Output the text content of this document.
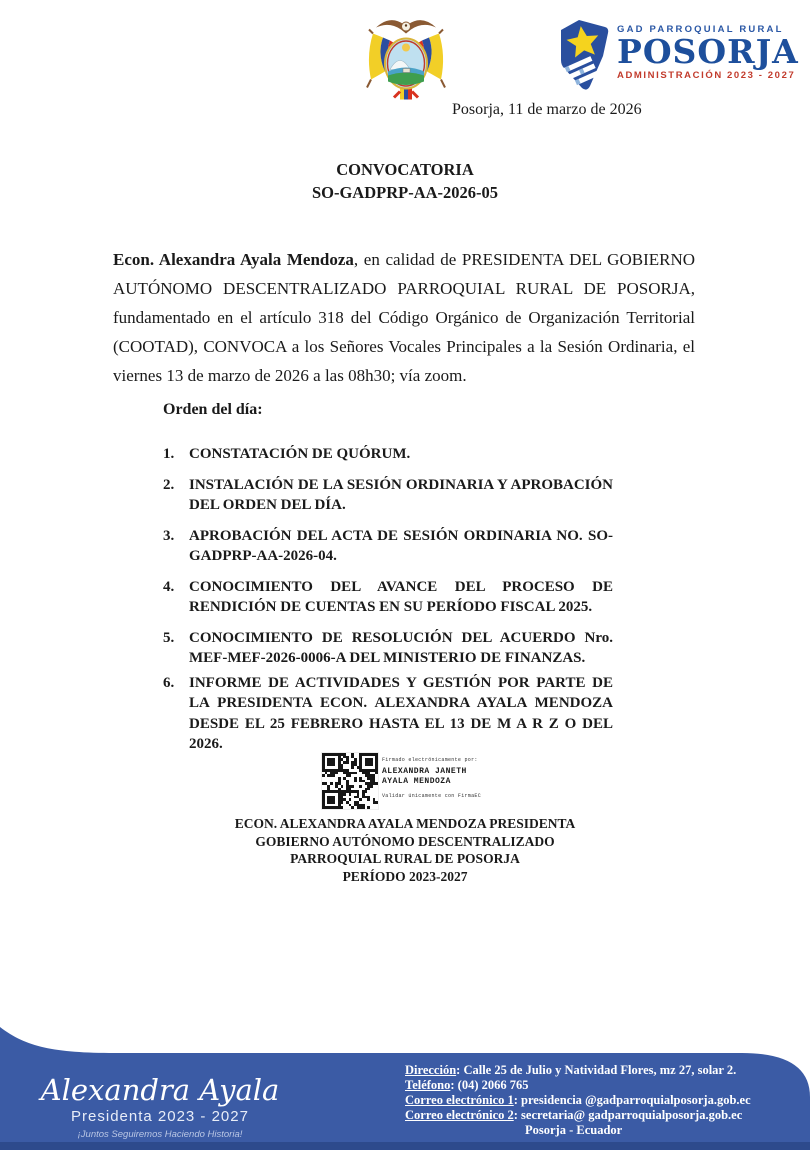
GAD PARROQUIAL RURAL
POSORJA
ADMINISTRACIÓN 2023 - 2027
Posorja, 11 de marzo de 2026
CONVOCATORIA
SO-GADPRP-AA-2026-05

Econ. Alexandra Ayala Mendoza, en calidad de PRESIDENTA DEL GOBIERNO AUTÓNOMO DESCENTRALIZADO PARROQUIAL RURAL DE POSORJA, fundamentado en el artículo 318 del Código Orgánico de Organización Territorial (COOTAD), CONVOCA a los Señores Vocales Principales a la Sesión Ordinaria, el viernes 13 de marzo de 2026 a las 08h30; vía zoom.

Orden del día:
1. CONSTATACIÓN DE QUÓRUM.
2. INSTALACIÓN DE LA SESIÓN ORDINARIA Y APROBACIÓN DEL ORDEN DEL DÍA.
3. APROBACIÓN DEL ACTA DE SESIÓN ORDINARIA NO. SO-GADPRP-AA-2026-04.
4. CONOCIMIENTO DEL AVANCE DEL PROCESO DE RENDICIÓN DE CUENTAS EN SU PERÍODO FISCAL 2025.
5. CONOCIMIENTO DE RESOLUCIÓN DEL ACUERDO Nro. MEF-MEF-2026-0006-A DEL MINISTERIO DE FINANZAS.
6. INFORME DE ACTIVIDADES Y GESTIÓN POR PARTE DE LA PRESIDENTA ECON. ALEXANDRA AYALA MENDOZA DESDE EL 25 FEBRERO HASTA EL 13 DE M A R Z O DEL 2026.
Firmado electrónicamente por:
ALEXANDRA JANETH
AYALA MENDOZA
Validar únicamente con FirmaEC
ECON. ALEXANDRA AYALA MENDOZA PRESIDENTA
GOBIERNO AUTÓNOMO DESCENTRALIZADO
PARROQUIAL RURAL DE POSORJA
PERÍODO 2023-2027
Alexandra Ayala
Presidenta 2023 - 2027
¡Juntos Seguiremos Haciendo Historia!
Dirección: Calle 25 de Julio y Natividad Flores, mz 27, solar 2.
Teléfono: (04) 2066 765
Correo electrónico 1: presidencia @gadparroquialposorja.gob.ec
Correo electrónico 2: secretaria@ gadparroquialposorja.gob.ec
Posorja - Ecuador
